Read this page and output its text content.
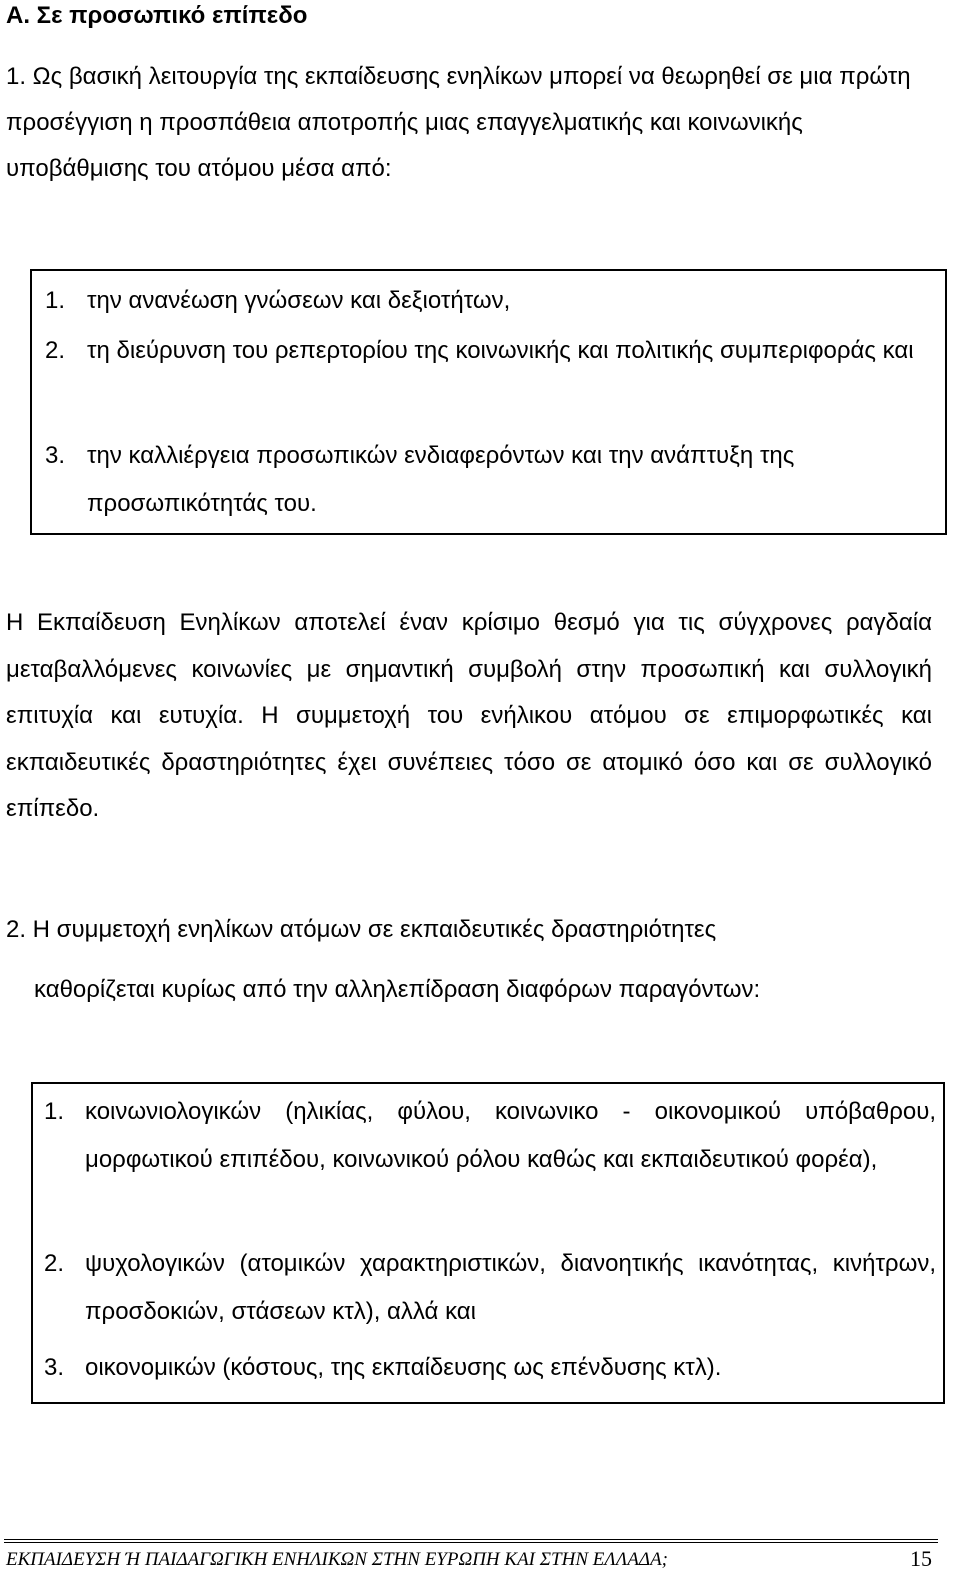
Α. Σε προσωπικό επίπεδο
1. Ως βασική λειτουργία της εκπαίδευσης ενηλίκων μπορεί να θεωρηθεί σε μια πρώτη προσέγγιση η προσπάθεια αποτροπής μιας επαγγελματικής και κοινωνικής υποβάθμισης του ατόμου μέσα από:
1. την ανανέωση γνώσεων και δεξιοτήτων,
2. τη διεύρυνση του ρεπερτορίου της κοινωνικής και πολιτικής συμπεριφοράς και
3. την καλλιέργεια προσωπικών ενδιαφερόντων και την ανάπτυξη της προσωπικότητάς του.
Η Εκπαίδευση Ενηλίκων αποτελεί έναν κρίσιμο θεσμό για τις σύγχρονες ραγδαία μεταβαλλόμενες κοινωνίες με σημαντική συμβολή στην προσωπική και συλλογική επιτυχία και ευτυχία. Η συμμετοχή του ενήλικου ατόμου σε επιμορφωτικές και εκπαιδευτικές δραστηριότητες έχει συνέπειες τόσο σε ατομικό όσο και σε συλλογικό επίπεδο.
2. Η συμμετοχή ενηλίκων ατόμων σε εκπαιδευτικές δραστηριότητες
καθορίζεται κυρίως από την αλληλεπίδραση διαφόρων παραγόντων:
1. κοινωνιολογικών (ηλικίας, φύλου, κοινωνικο - οικονομικού υπόβαθρου, μορφωτικού επιπέδου, κοινωνικού ρόλου καθώς και εκπαιδευτικού φορέα),
2. ψυχολογικών (ατομικών χαρακτηριστικών, διανοητικής ικανότητας, κινήτρων, προσδοκιών, στάσεων κτλ), αλλά και
3. οικονομικών (κόστους, της εκπαίδευσης ως επένδυσης κτλ).
ΕΚΠΑΙΔΕΥΣΗ Ή ΠΑΙΔΑΓΩΓΙΚΗ ΕΝΗΛΙΚΩΝ ΣΤΗΝ ΕΥΡΩΠΗ ΚΑΙ ΣΤΗΝ ΕΛΛΑΔΑ;	15
